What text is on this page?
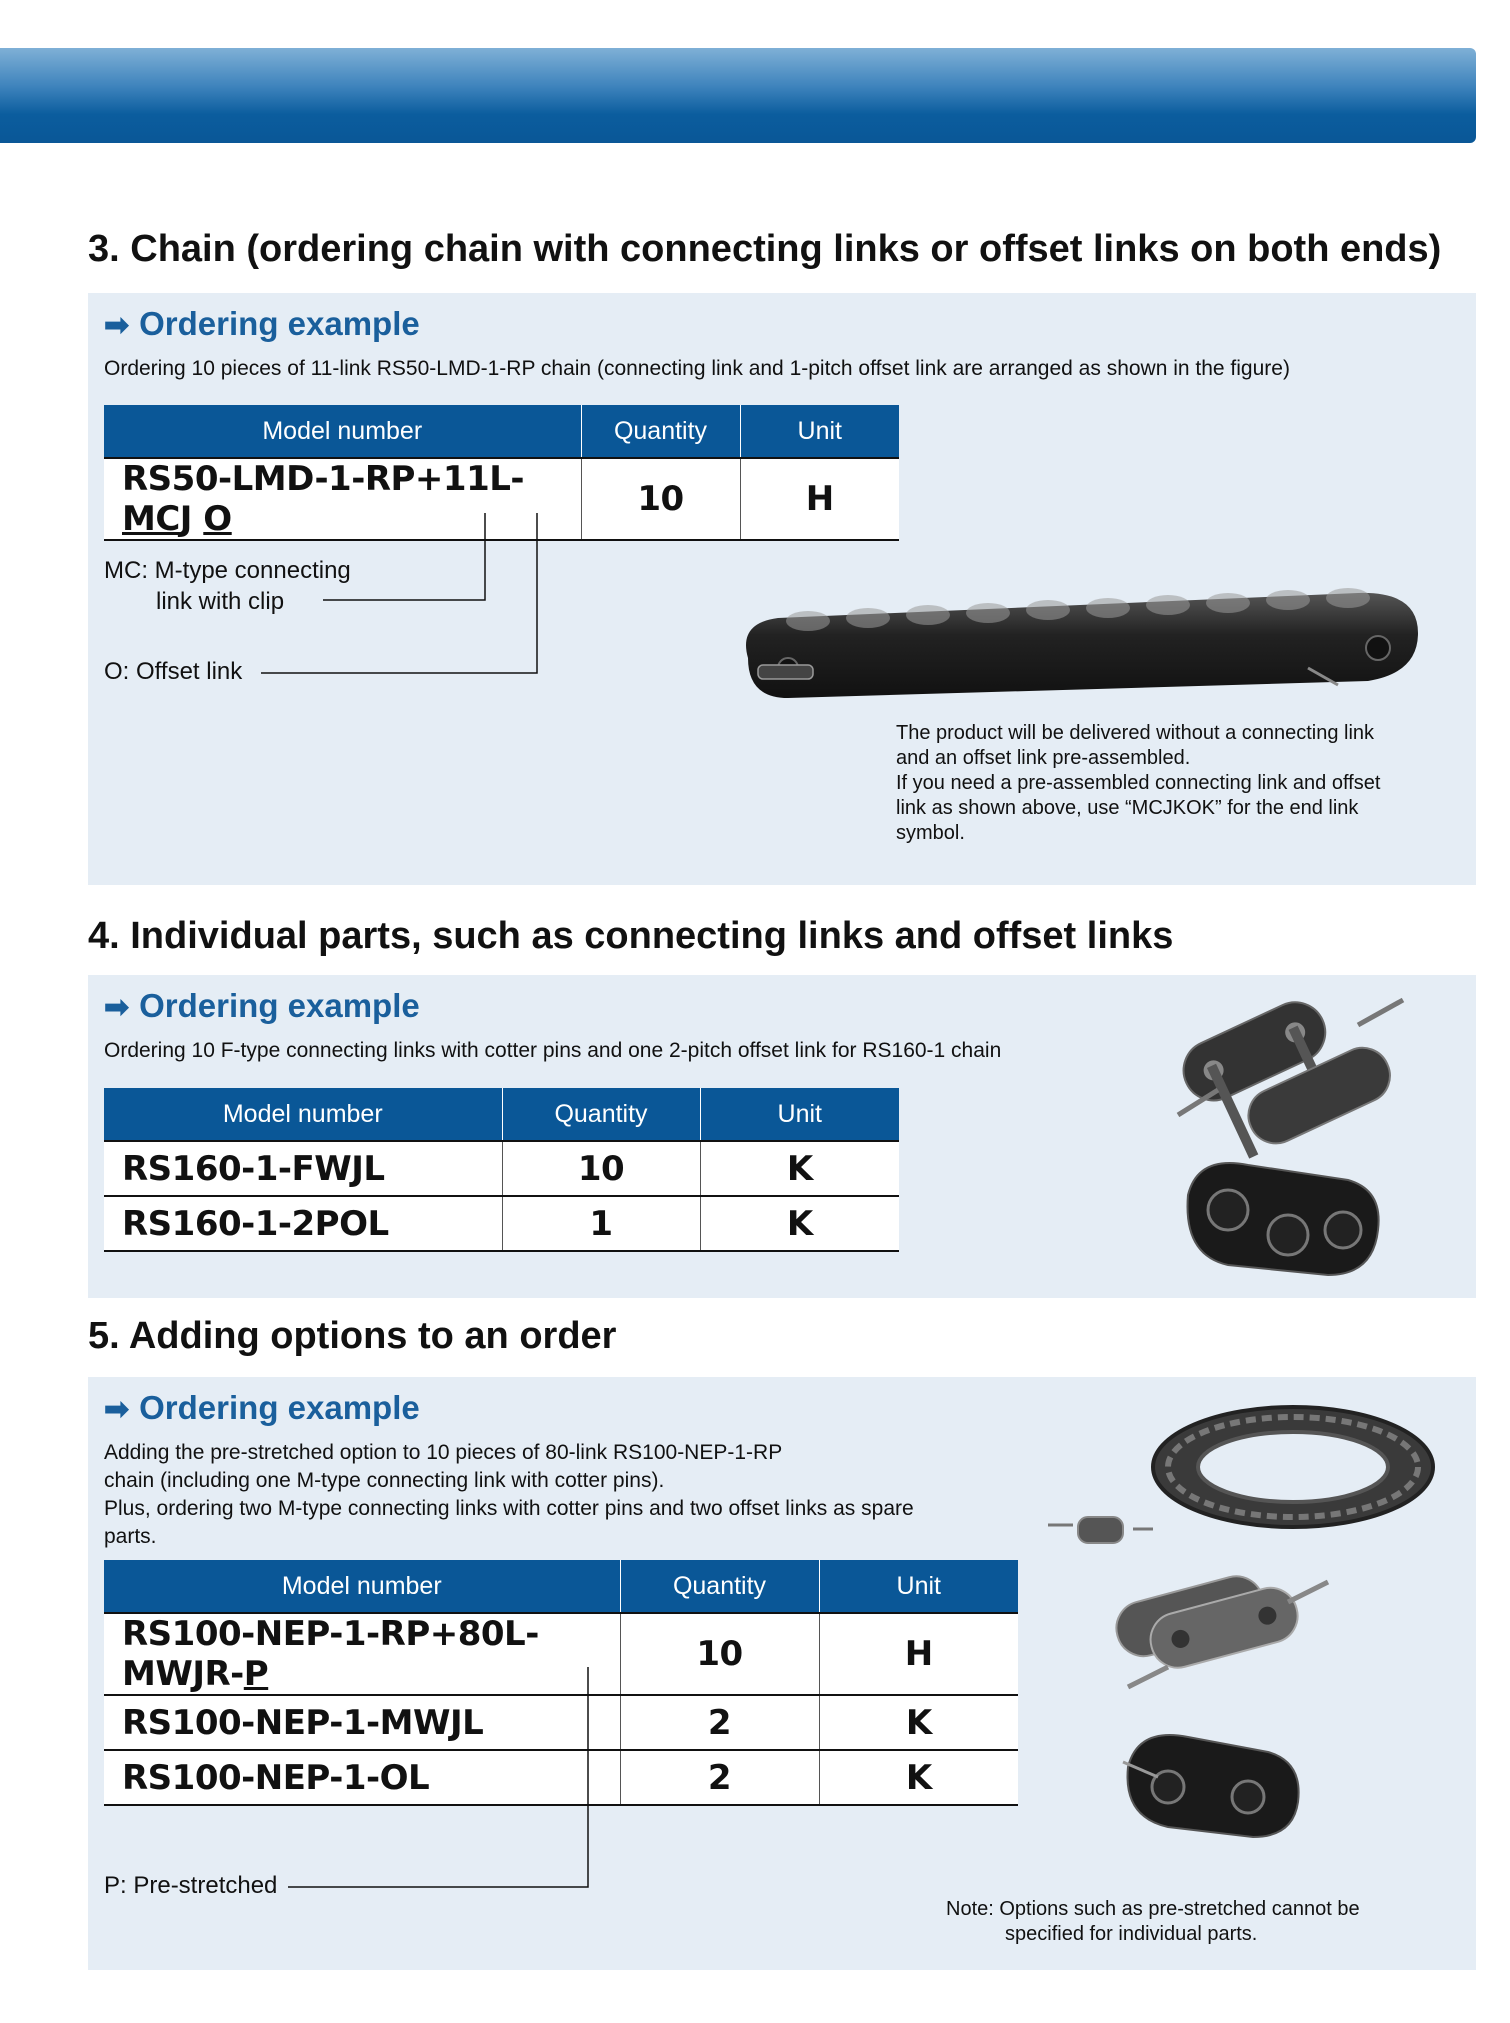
3. Chain (ordering chain with connecting links or offset links on both ends)
➡ Ordering example
Ordering 10 pieces of 11-link RS50-LMD-1-RP chain (connecting link and 1-pitch offset link are arranged as shown in the figure)
Model number	Quantity	Unit
RS50-LMD-1-RP+11L-MCJ O	10	H
MC: M-type connecting
link with clip
O: Offset link
The product will be delivered without a connecting link
and an offset link pre-assembled.
If you need a pre-assembled connecting link and offset
link as shown above, use “MCJKOK” for the end link
symbol.
4. Individual parts, such as connecting links and offset links
➡ Ordering example
Ordering 10 F-type connecting links with cotter pins and one 2-pitch offset link for RS160-1 chain
Model number	Quantity	Unit
RS160-1-FWJL	10	K
RS160-1-2POL	1	K
5. Adding options to an order
➡ Ordering example
Adding the pre-stretched option to 10 pieces of 80-link RS100-NEP-1-RP
chain (including one M-type connecting link with cotter pins).
Plus, ordering two M-type connecting links with cotter pins and two offset links as spare
parts.
Model number	Quantity	Unit
RS100-NEP-1-RP+80L-MWJR-P	10	H
RS100-NEP-1-MWJL	2	K
RS100-NEP-1-OL	2	K
P: Pre-stretched
Note: Options such as pre-stretched cannot be
specified for individual parts.
